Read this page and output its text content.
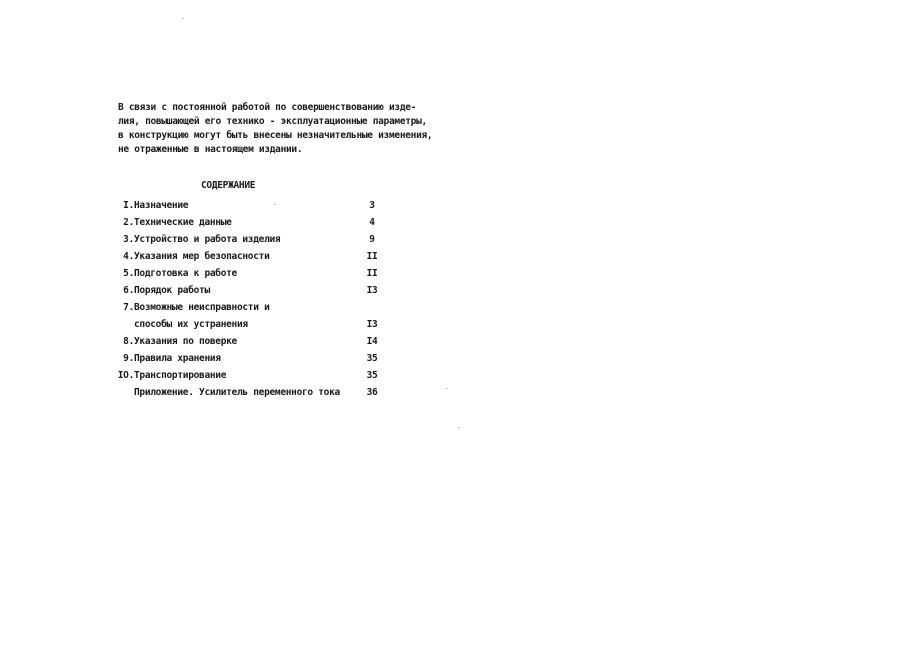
В связи с постоянной работой по совершенствованию изде-
лия, повышающей его технико - эксплуатационные параметры,
в конструкцию могут быть внесены незначительные изменения,
не отраженные в настоящем издании.
СОДЕРЖАНИЕ
I. Назначение	3
2. Технические данные	4
3. Устройство и работа изделия	9
4. Указания мер безопасности	II
5. Подготовка к работе	II
6. Порядок работы	I3
7. Возможные неисправности и
способы их устранения	I3
8. Указания по поверке	I4
9. Правила хранения	35
IO. Транспортирование	35
Приложение. Усилитель переменного тока	36
